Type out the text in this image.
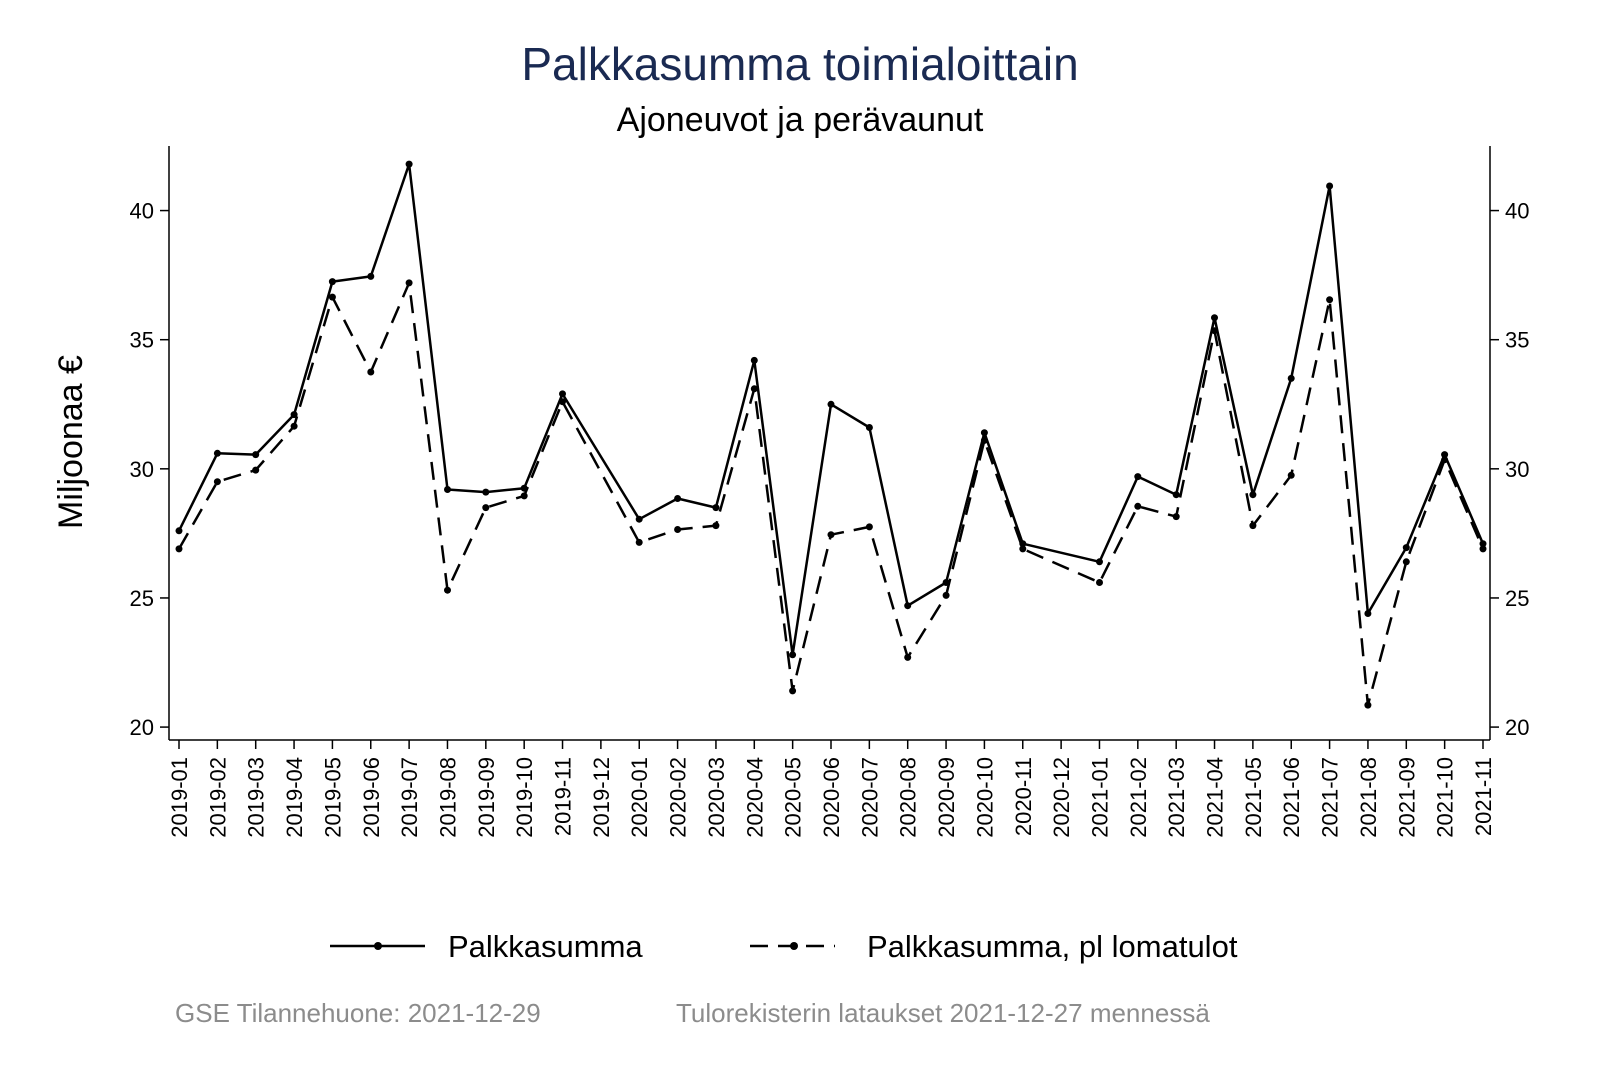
Palkkasumma toimialoittain
Ajoneuvot ja perävaunut
Miljoonaa €
20	20
25	25
30	30
35	35
40	40
2019-01 2019-02 2019-03 2019-04 2019-05 2019-06 2019-07 2019-08 2019-09 2019-10 2019-11 2019-12 2020-01 2020-02 2020-03 2020-04 2020-05 2020-06 2020-07 2020-08 2020-09 2020-10 2020-11 2020-12 2021-01 2021-02 2021-03 2021-04 2021-05 2021-06 2021-07 2021-08 2021-09 2021-10 2021-11
Palkkasumma	Palkkasumma, pl lomatulot
GSE Tilannehuone: 2021-12-29	Tulorekisterin lataukset 2021-12-27 mennessä
